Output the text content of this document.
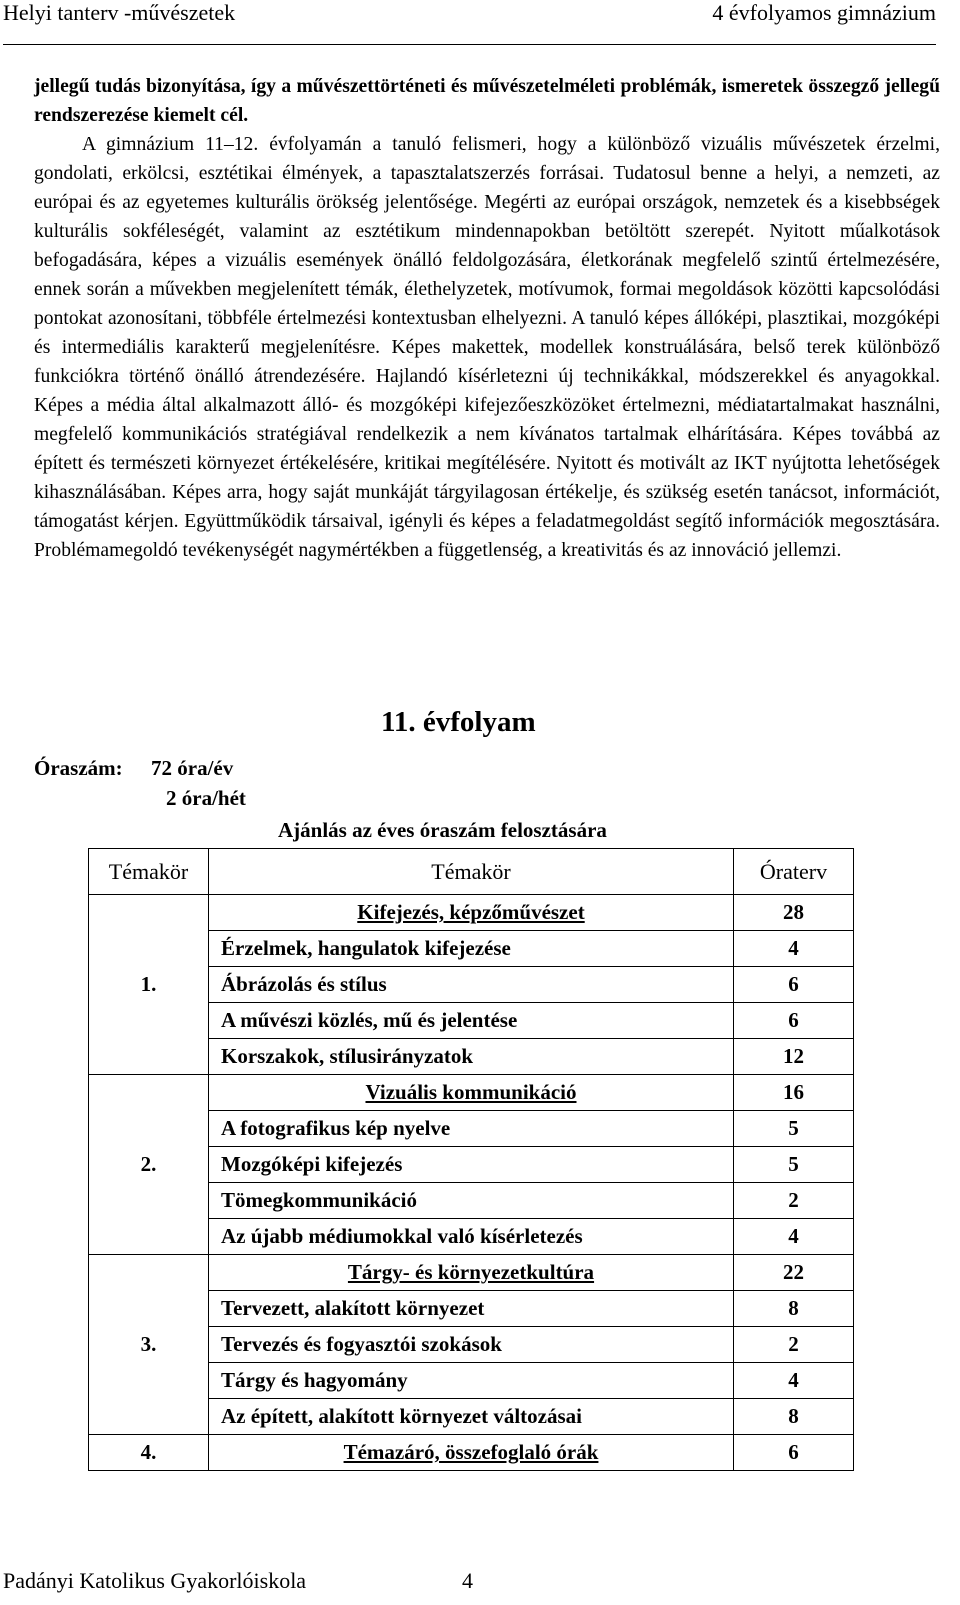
Helyi tanterv -művészetek	4 évfolyamos gimnázium

jellegű tudás bizonyítása, így a művészettörténeti és művészetelméleti problémák, ismeretek összegző jellegű rendszerezése kiemelt cél.

A gimnázium 11–12. évfolyamán a tanuló felismeri, hogy a különböző vizuális művészetek érzelmi, gondolati, erkölcsi, esztétikai élmények, a tapasztalatszerzés forrásai. Tudatosul benne a helyi, a nemzeti, az európai és az egyetemes kulturális örökség jelentősége. Megérti az európai országok, nemzetek és a kisebbségek kulturális sokféleségét, valamint az esztétikum mindennapokban betöltött szerepét. Nyitott műalkotások befogadására, képes a vizuális események önálló feldolgozására, életkorának megfelelő szintű értelmezésére, ennek során a művekben megjelenített témák, élethelyzetek, motívumok, formai megoldások közötti kapcsolódási pontokat azonosítani, többféle értelmezési kontextusban elhelyezni. A tanuló képes állóképi, plasztikai, mozgóképi és intermediális karakterű megjelenítésre. Képes makettek, modellek konstruálására, belső terek különböző funkciókra történő önálló átrendezésére. Hajlandó kísérletezni új technikákkal, módszerekkel és anyagokkal. Képes a média által alkalmazott álló- és mozgóképi kifejezőeszközöket értelmezni, médiatartalmakat használni, megfelelő kommunikációs stratégiával rendelkezik a nem kívánatos tartalmak elhárítására. Képes továbbá az épített és természeti környezet értékelésére, kritikai megítélésére. Nyitott és motivált az IKT nyújtotta lehetőségek kihasználásában. Képes arra, hogy saját munkáját tárgyilagosan értékelje, és szükség esetén tanácsot, információt, támogatást kérjen. Együttműködik társaival, igényli és képes a feladatmegoldást segítő információk megosztására. Problémamegoldó tevékenységét nagymértékben a függetlenség, a kreativitás és az innováció jellemzi.

11. évfolyam
Óraszám: 72 óra/év
2 óra/hét
Ajánlás az éves óraszám felosztására
Témakör	Témakör	Óraterv
1.	Kifejezés, képzőművészet	28
	Érzelmek, hangulatok kifejezése	4
	Ábrázolás és stílus	6
	A művészi közlés, mű és jelentése	6
	Korszakok, stílusirányzatok	12
2.	Vizuális kommunikáció	16
	A fotografikus kép nyelve	5
	Mozgóképi kifejezés	5
	Tömegkommunikáció	2
	Az újabb médiumokkal való kísérletezés	4
3.	Tárgy- és környezetkultúra	22
	Tervezett, alakított környezet	8
	Tervezés és fogyasztói szokások	2
	Tárgy és hagyomány	4
	Az épített, alakított környezet változásai	8
4.	Témazáró, összefoglaló órák	6
Padányi Katolikus Gyakorlóiskola	4
